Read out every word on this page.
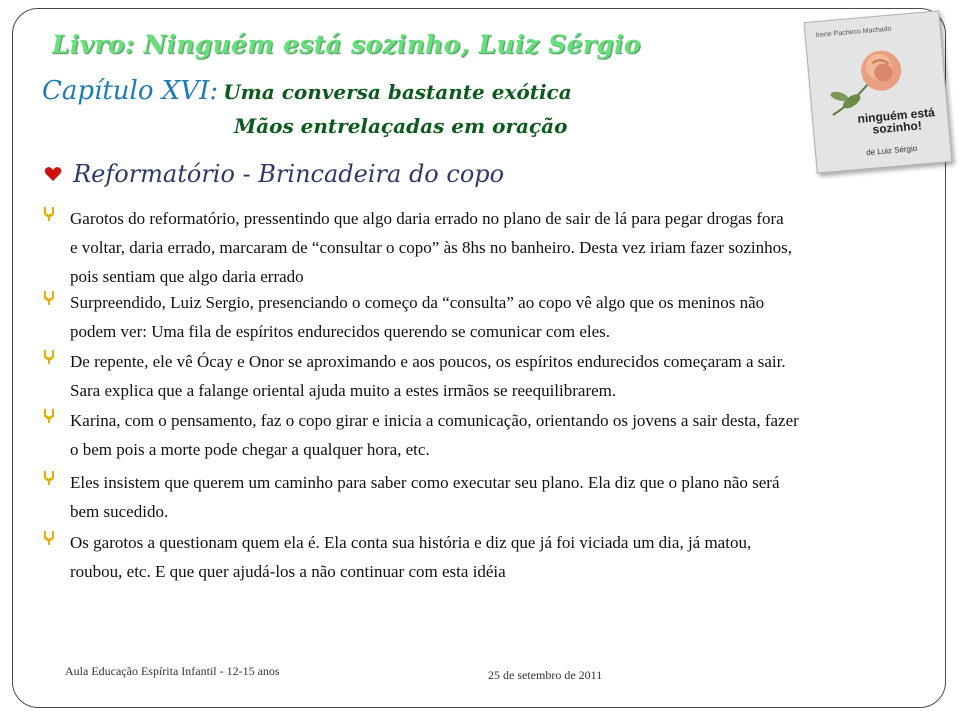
Livro: Ninguém está sozinho, Luiz Sérgio
Capítulo XVI: Uma conversa bastante exótica
Mãos entrelaçadas em oração
Irene Pacheco Machado
ninguém está sozinho!
de Luiz Sérgio
Reformatório - Brincadeira do copo
Garotos do reformatório, pressentindo que algo daria errado no plano de sair de lá para pegar drogas fora
e voltar, daria errado, marcaram de “consultar o copo” às 8hs no banheiro. Desta vez iriam fazer sozinhos,
pois sentiam que algo daria errado
Surpreendido, Luiz Sergio, presenciando o começo da “consulta” ao copo vê algo que os meninos não
podem ver: Uma fila de espíritos endurecidos querendo se comunicar com eles.
De repente, ele vê Ócay e Onor se aproximando e aos poucos, os espíritos endurecidos começaram a sair.
Sara explica que a falange oriental ajuda muito a estes irmãos se reequilibrarem.
Karina, com o pensamento, faz o copo girar e inicia a comunicação, orientando os jovens a sair desta, fazer
o bem pois a morte pode chegar a qualquer hora, etc.
Eles insistem que querem um caminho para saber como executar seu plano. Ela diz que o plano não será
bem sucedido.
Os garotos a questionam quem ela é. Ela conta sua história e diz que já foi viciada um dia, já matou,
roubou, etc. E que quer ajudá-los a não continuar com esta idéia
Aula Educação Espírita Infantil - 12-15 anos	25 de setembro de 2011
